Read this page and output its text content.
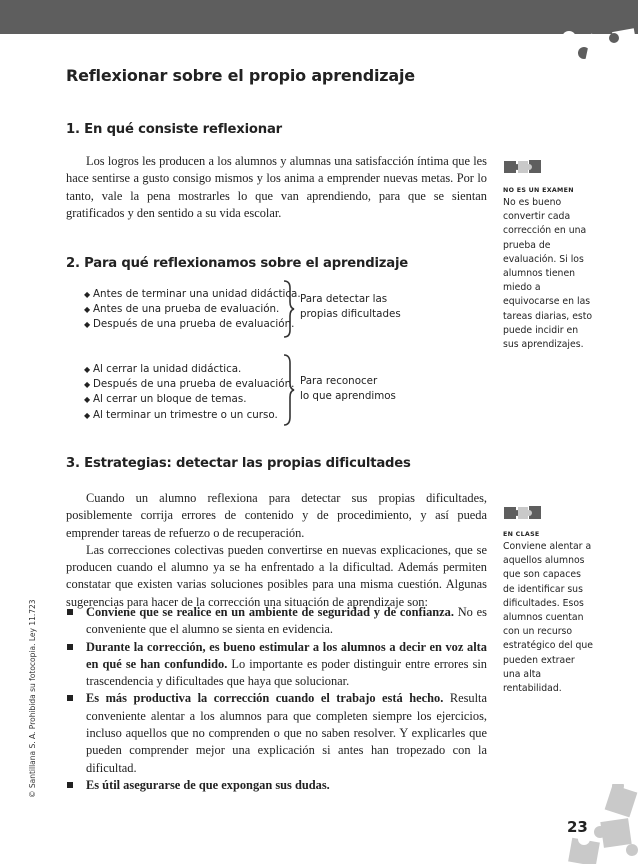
Reflexionar sobre el propio aprendizaje
1. En qué consiste reflexionar

Los logros les producen a los alumnos y alumnas una satisfacción íntima que les hace sentirse a gusto consigo mismos y los anima a emprender nuevas metas. Por lo tanto, vale la pena mostrarles lo que van aprendiendo, para que se sientan gratificados y den sentido a su vida escolar.

2. Para qué reflexionamos sobre el aprendizaje
◆ Antes de terminar una unidad didáctica.
◆ Antes de una prueba de evaluación.
◆ Después de una prueba de evaluación.
Para detectar las
propias dificultades
◆ Al cerrar la unidad didáctica.
◆ Después de una prueba de evaluación.
◆ Al cerrar un bloque de temas.
◆ Al terminar un trimestre o un curso.
Para reconocer
lo que aprendimos
3. Estrategias: detectar las propias dificultades

Cuando un alumno reflexiona para detectar sus propias dificultades, posiblemente corrija errores de contenido y de procedimiento, y así pueda emprender tareas de refuerzo o de recuperación.

Las correcciones colectivas pueden convertirse en nuevas explicaciones, que se producen cuando el alumno ya se ha enfrentado a la dificultad. Además permiten constatar que existen varias soluciones posibles para una misma cuestión. Algunas sugerencias para hacer de la corrección una situación de aprendizaje son:

Conviene que se realice en un ambiente de seguridad y de confianza. No es conveniente que el alumno se sienta en evidencia.
Durante la corrección, es bueno estimular a los alumnos a decir en voz alta en qué se han confundido. Lo importante es poder distinguir entre errores sin trascendencia y dificultades que haya que solucionar.
Es más productiva la corrección cuando el trabajo está hecho. Resulta conveniente alentar a los alumnos para que completen siempre los ejercicios, incluso aquellos que no comprenden o que no saben resolver. Y explicarles que pueden comprender mejor una explicación si antes han tropezado con la dificultad.
Es útil asegurarse de que expongan sus dudas.
NO ES UN EXAMEN
No es bueno convertir cada corrección en una prueba de evaluación. Si los alumnos tienen miedo a equivocarse en las tareas diarias, esto puede incidir en sus aprendizajes.
EN CLASE
Conviene alentar a aquellos alumnos que son capaces de identificar sus dificultades. Esos alumnos cuentan con un recurso estratégico del que pueden extraer una alta rentabilidad.
© Santillana S. A. Prohibida su fotocopia. Ley 11.723
23
